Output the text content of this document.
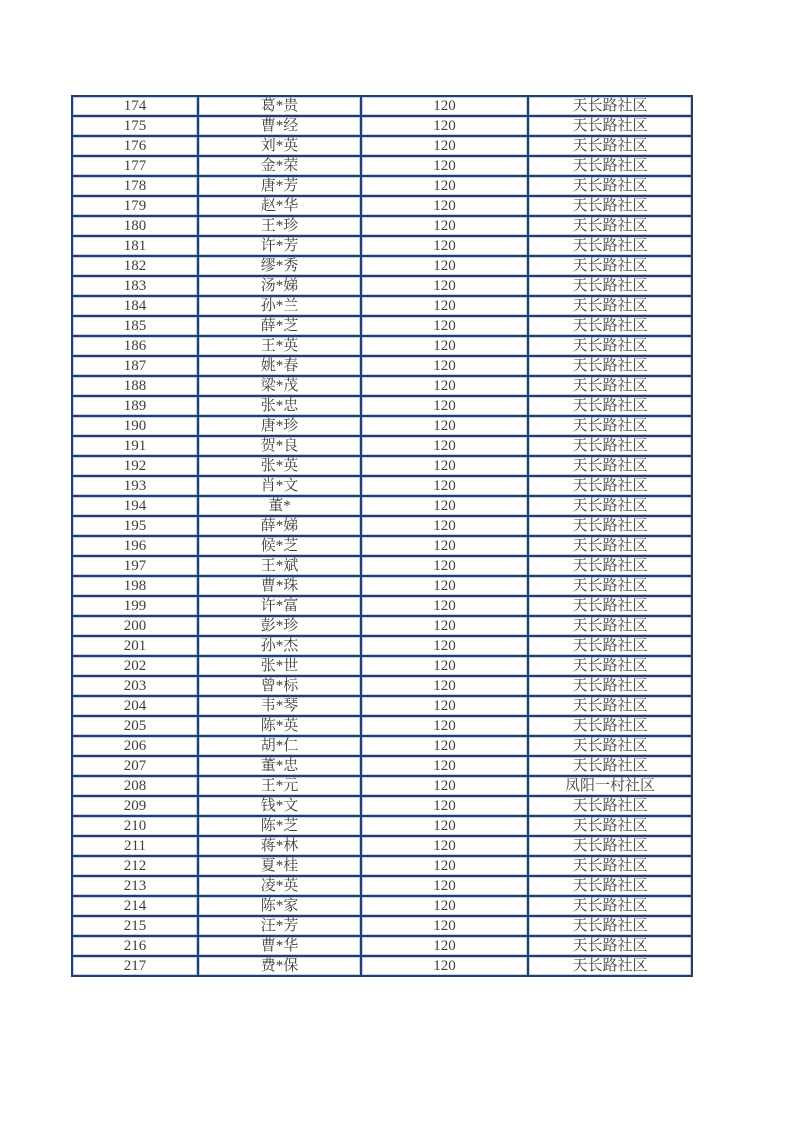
174	葛*贵	120	天长路社区
175	曹*经	120	天长路社区
176	刘*英	120	天长路社区
177	金*荣	120	天长路社区
178	唐*芳	120	天长路社区
179	赵*华	120	天长路社区
180	王*珍	120	天长路社区
181	许*芳	120	天长路社区
182	缪*秀	120	天长路社区
183	汤*娣	120	天长路社区
184	孙*兰	120	天长路社区
185	薛*芝	120	天长路社区
186	王*英	120	天长路社区
187	姚*春	120	天长路社区
188	梁*茂	120	天长路社区
189	张*忠	120	天长路社区
190	唐*珍	120	天长路社区
191	贺*良	120	天长路社区
192	张*英	120	天长路社区
193	肖*文	120	天长路社区
194	董*	120	天长路社区
195	薛*娣	120	天长路社区
196	候*芝	120	天长路社区
197	王*斌	120	天长路社区
198	曹*珠	120	天长路社区
199	许*富	120	天长路社区
200	彭*珍	120	天长路社区
201	孙*杰	120	天长路社区
202	张*世	120	天长路社区
203	曾*标	120	天长路社区
204	韦*琴	120	天长路社区
205	陈*英	120	天长路社区
206	胡*仁	120	天长路社区
207	董*忠	120	天长路社区
208	王*元	120	凤阳一村社区
209	钱*文	120	天长路社区
210	陈*芝	120	天长路社区
211	蒋*林	120	天长路社区
212	夏*桂	120	天长路社区
213	凌*英	120	天长路社区
214	陈*家	120	天长路社区
215	汪*芳	120	天长路社区
216	曹*华	120	天长路社区
217	费*保	120	天长路社区
